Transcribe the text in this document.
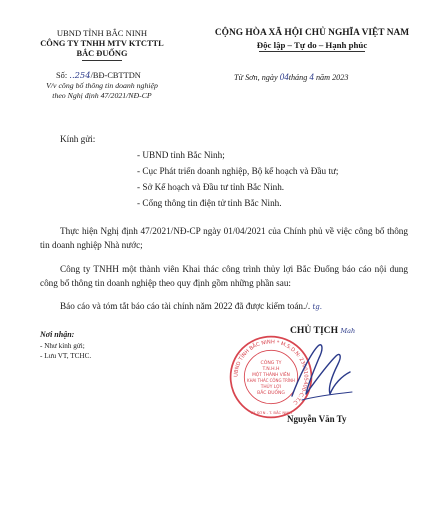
UBND TỈNH BẮC NINH
CÔNG TY TNHH MTV KTCTTL
BẮC ĐUỐNG
CỘNG HÒA XÃ HỘI CHỦ NGHĨA VIỆT NAM
Độc lập – Tự do – Hạnh phúc
Số: ..254/BĐ-CBTTDN
V/v công bố thông tin doanh nghiệp
theo Nghị định 47/2021/NĐ-CP
Từ Sơn, ngày 04tháng 4 năm 2023
Kính gửi:
- UBND tỉnh Bắc Ninh;
- Cục Phát triển doanh nghiệp, Bộ kế hoạch và Đầu tư;
- Sở Kế hoạch và Đầu tư tỉnh Bắc Ninh.
- Cổng thông tin điện tử tỉnh Bắc Ninh.
Thực hiện Nghị định 47/2021/NĐ-CP ngày 01/04/2021 của Chính phủ về việc công bố thông tin doanh nghiệp Nhà nước;
Công ty TNHH một thành viên Khai thác công trình thủy lợi Bắc Đuống báo cáo nội dung công bố thông tin doanh nghiệp theo quy định gồm những phần sau:
Báo cáo và tóm tắt báo cáo tài chính năm 2022 đã được kiểm toán./. tg.
Nơi nhận:
- Như kính gửi;
- Lưu VT, TCHC.
CHỦ TỊCH Mah
UBND TỈNH BẮC NINH * M.S.D.N: 2300105400-C.T.C
CÔNG TY
T.N.H.H
MỘT THÀNH VIÊN
KHAI THÁC CÔNG TRÌNH
THỦY LỢI
BẮC ĐUỐNG
TỪ SƠN - T. BẮC NINH
Nguyễn Văn Ty
